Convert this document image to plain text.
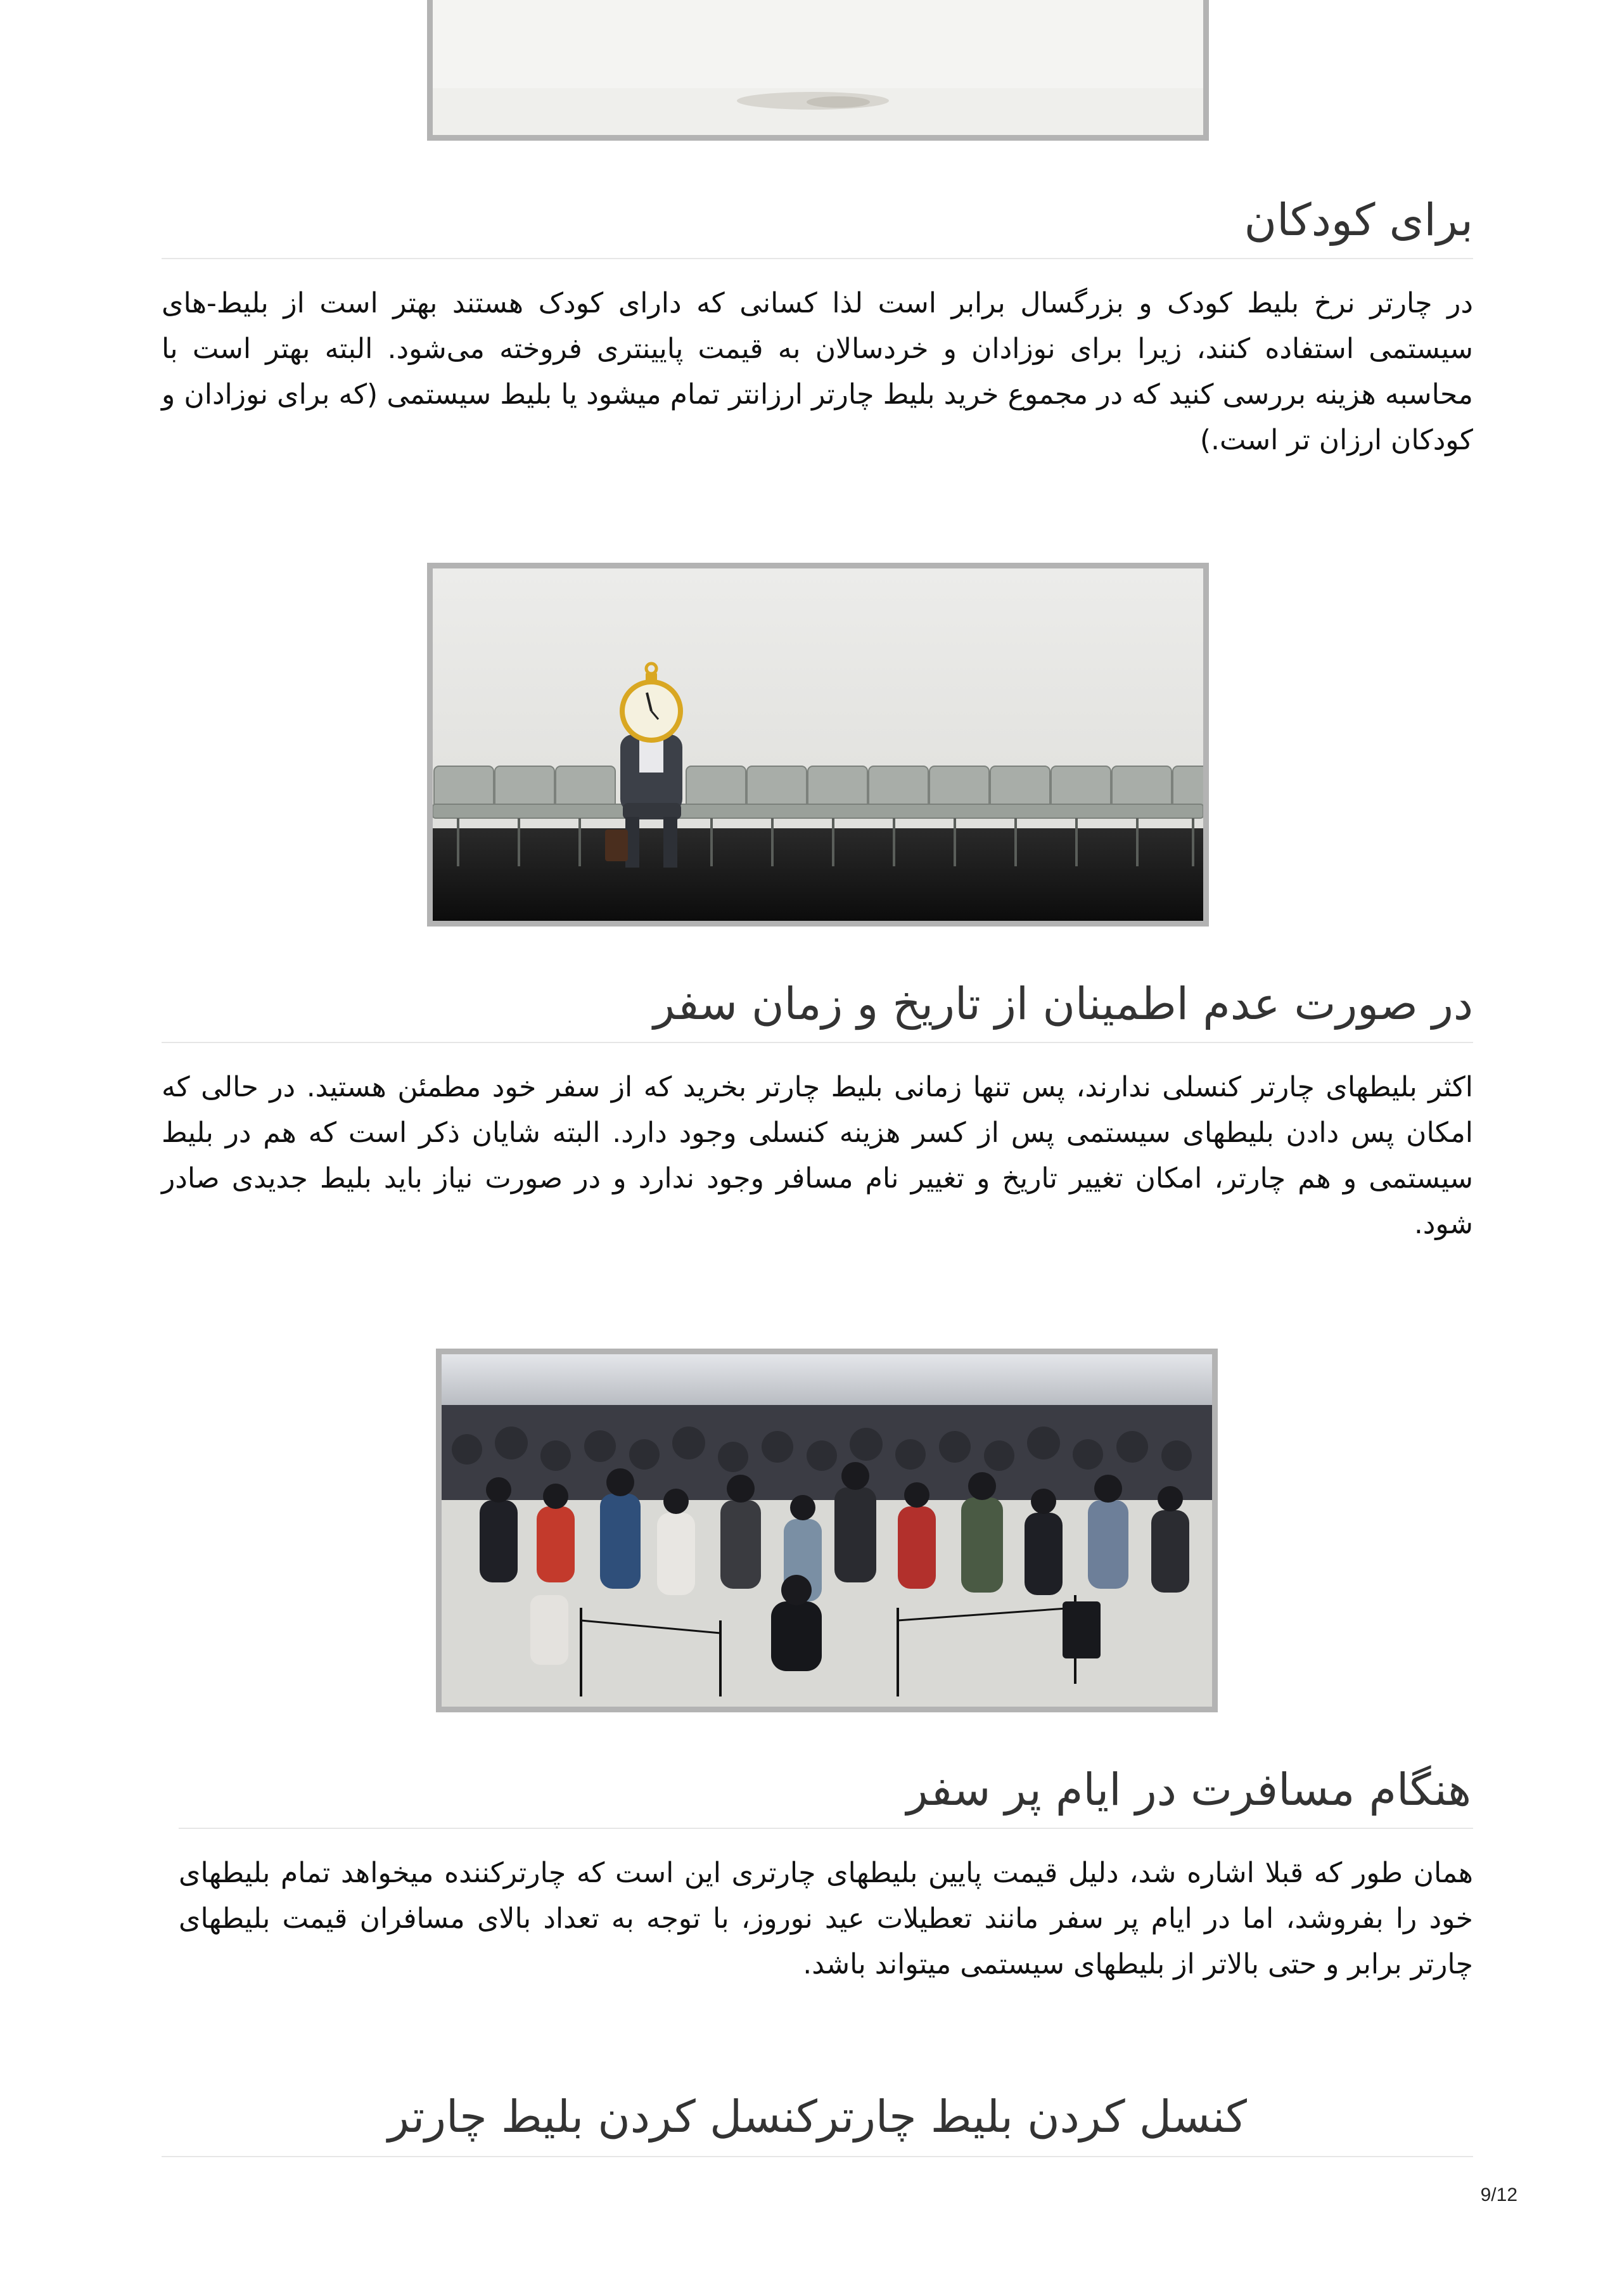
برای کودکان

در چارتر نرخ بلیط کودک و بزرگسال برابر است لذا کسانی که دارای کودک هستند بهتر است از بلیط-های سیستمی استفاده کنند، زیرا برای نوزادان و خردسالان به قیمت پایینتری فروخته می‌شود. البته بهتر است با محاسبه هزینه بررسی کنید که در مجموع خرید بلیط چارتر ارزانتر تمام میشود یا بلیط سیستمی (که برای نوزادان و کودکان ارزان تر است.)

در صورت عدم اطمینان از تاریخ و زمان سفر

اکثر بلیطهای چارتر کنسلی ندارند، پس تنها زمانی بلیط چارتر بخرید که از سفر خود مطمئن هستید. در حالی که امکان پس دادن بلیطهای سیستمی پس از کسر هزینه کنسلی وجود دارد. البته شایان ذکر است که هم در بلیط سیستمی و هم چارتر، امکان تغییر تاریخ و تغییر نام مسافر وجود ندارد و در صورت نیاز باید بلیط جدیدی صادر شود.

هنگام مسافرت در ایام پر سفر

همان طور که قبلا اشاره شد، دلیل قیمت پایین بلیطهای چارتری این است که چارترکننده میخواهد تمام بلیطهای خود را بفروشد، اما در ایام پر سفر مانند تعطیلات عید نوروز، با توجه به تعداد بالای مسافران قیمت بلیطهای چارتر برابر و حتی بالاتر از بلیطهای سیستمی میتواند باشد.

کنسل کردن بلیط چارترکنسل کردن بلیط چارتر
9/12
